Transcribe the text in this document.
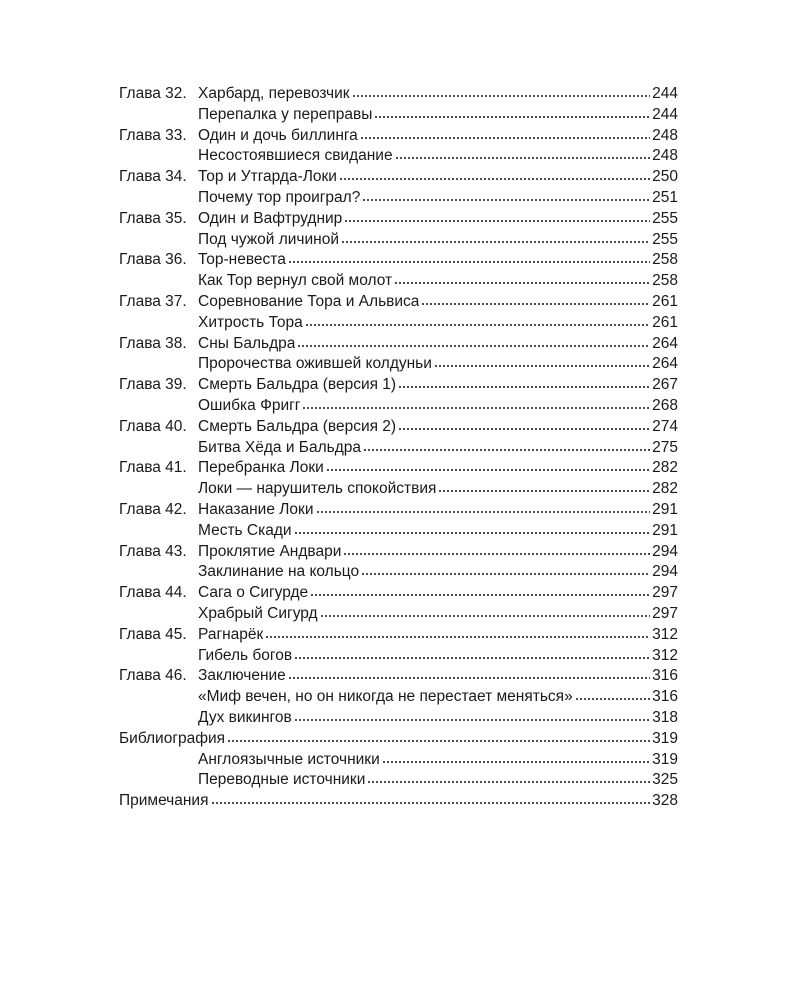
Глава 32. Харбард, перевозчик	244
Перепалка у переправы	244
Глава 33. Один и дочь биллинга	248
Несостоявшиеся свидание	248
Глава 34. Тор и Утгарда-Локи	250
Почему тор проиграл?	251
Глава 35. Один и Вафтруднир	255
Под чужой личиной	255
Глава 36. Тор-невеста	258
Как Тор вернул свой молот	258
Глава 37. Соревнование Тора и Альвиса	261
Хитрость Тора	261
Глава 38. Сны Бальдра	264
Пророчества ожившей колдуньи	264
Глава 39. Смерть Бальдра (версия 1)	267
Ошибка Фригг	268
Глава 40. Смерть Бальдра (версия 2)	274
Битва Хёда и Бальдра	275
Глава 41. Перебранка Локи	282
Локи — нарушитель спокойствия	282
Глава 42. Наказание Локи	291
Месть Скади	291
Глава 43. Проклятие Андвари	294
Заклинание на кольцо	294
Глава 44. Сага о Сигурде	297
Храбрый Сигурд	297
Глава 45. Рагнарёк	312
Гибель богов	312
Глава 46. Заключение	316
«Миф вечен, но он никогда не перестает меняться»	316
Дух викингов	318
Библиография	319
Англоязычные источники	319
Переводные источники	325
Примечания	328
